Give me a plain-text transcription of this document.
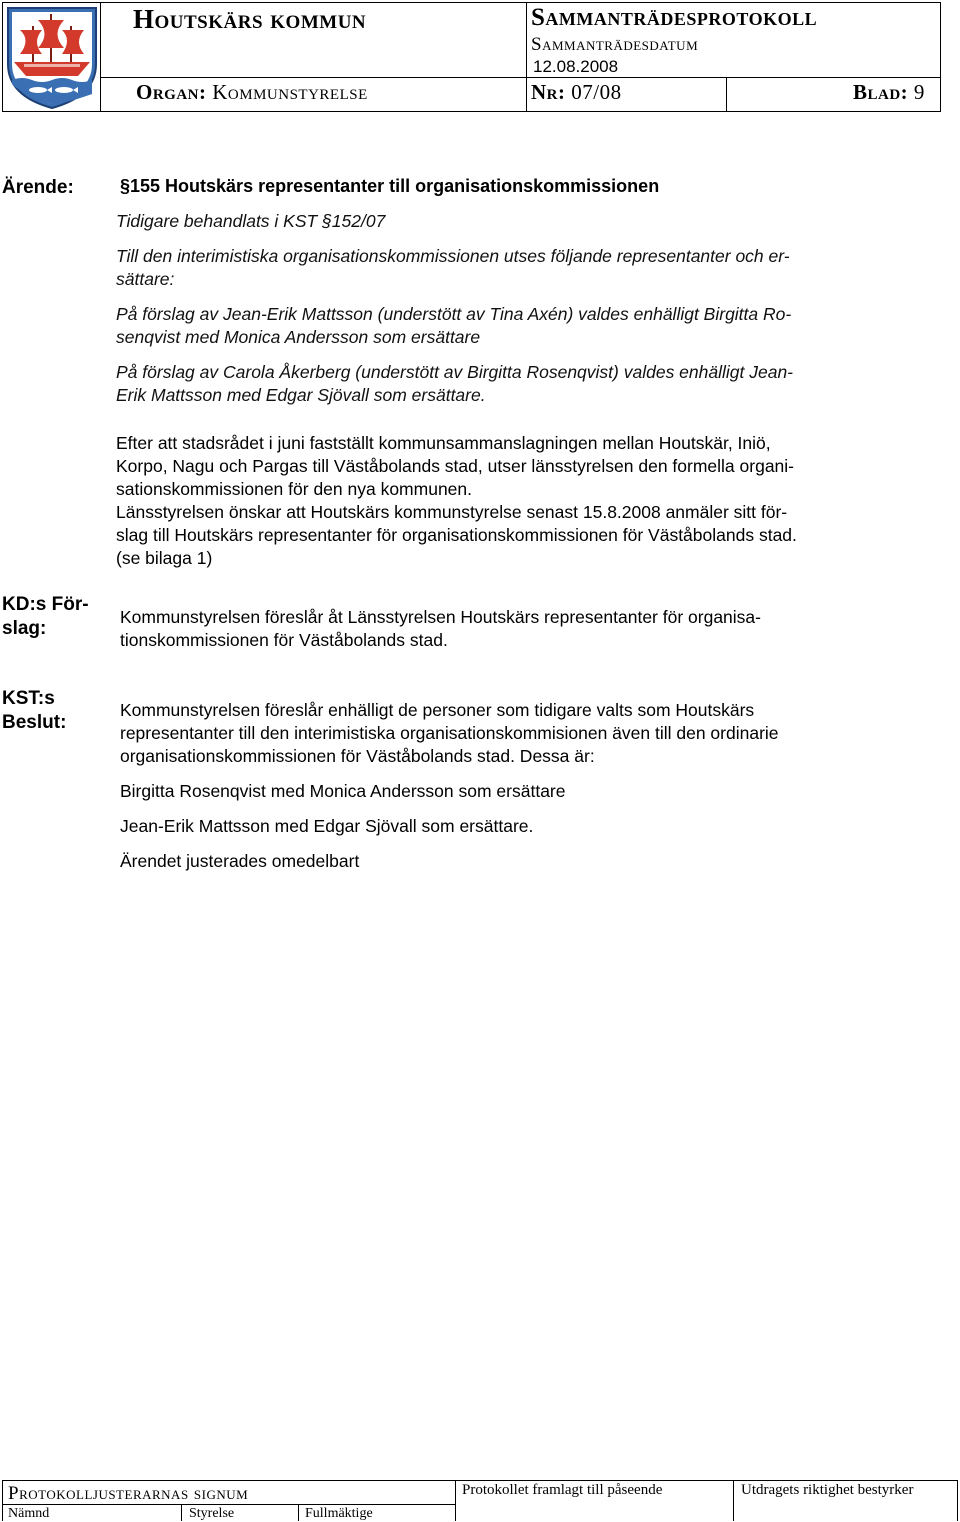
Houtskärs kommun	Sammanträdesprotokoll
Sammanträdesdatum
12.08.2008
Organ: Kommunstyrelse	Nr: 07/08	Blad: 9
Ärende:	§155 Houtskärs representanter till organisationskommissionen
Tidigare behandlats i KST §152/07
Till den interimistiska organisationskommissionen utses följande representanter och er-
sättare:
På förslag av Jean-Erik Mattsson (understött av Tina Axén) valdes enhälligt Birgitta Ro-
senqvist med Monica Andersson som ersättare
På förslag av Carola Åkerberg (understött av Birgitta Rosenqvist) valdes enhälligt Jean-
Erik Mattsson med Edgar Sjövall som ersättare.
Efter att stadsrådet i juni fastställt kommunsammanslagningen mellan Houtskär, Iniö,
Korpo, Nagu och Pargas till Väståbolands stad, utser länsstyrelsen den formella organi-
sationskommissionen för den nya kommunen.
Länsstyrelsen önskar att Houtskärs kommunstyrelse senast 15.8.2008 anmäler sitt för-
slag till Houtskärs representanter för organisationskommissionen för Väståbolands stad.
(se bilaga 1)
KD:s För-
slag:
Kommunstyrelsen föreslår åt Länsstyrelsen Houtskärs representanter för organisa-
tionskommissionen för Väståbolands stad.
KST:s
Beslut:
Kommunstyrelsen föreslår enhälligt de personer som tidigare valts som Houtskärs
representanter till den interimistiska organisationskommisionen även till den ordinarie
organisationskommissionen för Väståbolands stad. Dessa är:
Birgitta Rosenqvist med Monica Andersson som ersättare
Jean-Erik Mattsson med Edgar Sjövall som ersättare.
Ärendet justerades omedelbart
Protokolljusterarnas signum	Protokollet framlagt till påseende	Utdragets riktighet bestyrker
Nämnd	Styrelse	Fullmäktige
